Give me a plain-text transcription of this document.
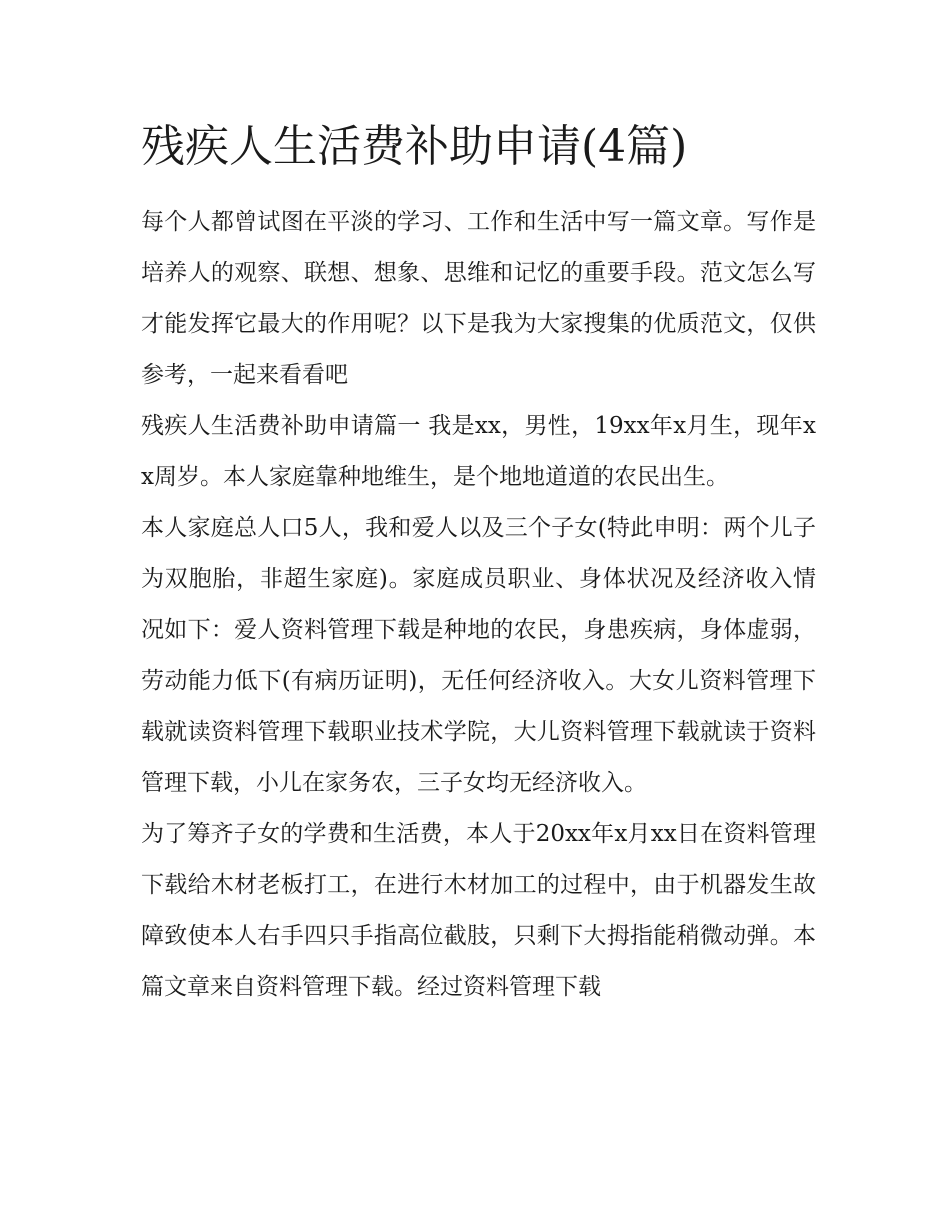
残疾人生活费补助申请(4篇)

每个人都曾试图在平淡的学习、工作和生活中写一篇文章。写作是培养人的观察、联想、想象、思维和记忆的重要手段。范文怎么写才能发挥它最大的作用呢？以下是我为大家搜集的优质范文，仅供参考，一起来看看吧

残疾人生活费补助申请篇一 我是xx，男性，19xx年x月生，现年xx周岁。本人家庭靠种地维生，是个地地道道的农民出生。

本人家庭总人口5人，我和爱人以及三个子女(特此申明：两个儿子为双胞胎，非超生家庭)。家庭成员职业、身体状况及经济收入情况如下：爱人资料管理下载是种地的农民，身患疾病，身体虚弱，劳动能力低下(有病历证明)，无任何经济收入。大女儿资料管理下载就读资料管理下载职业技术学院，大儿资料管理下载就读于资料管理下载，小儿在家务农，三子女均无经济收入。

为了筹齐子女的学费和生活费，本人于20xx年x月xx日在资料管理下载给木材老板打工，在进行木材加工的过程中，由于机器发生故障致使本人右手四只手指高位截肢，只剩下大拇指能稍微动弹。本篇文章来自资料管理下载。经过资料管理下载
